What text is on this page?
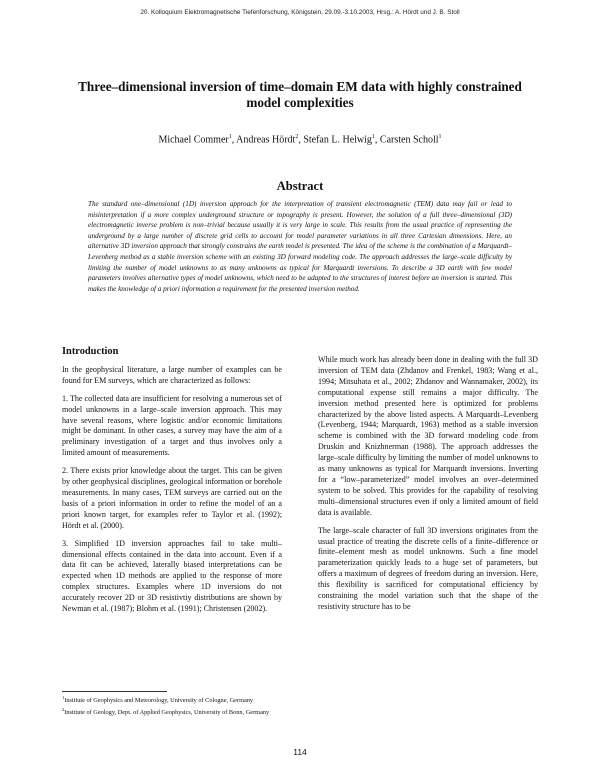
20. Kolloquium Elektromagnetische Tiefenforschung, Königstein, 29.09.-3.10.2003, Hrsg.: A. Hördt und J. B. Stoll
Three–dimensional inversion of time–domain EM data with highly constrained model complexities
Michael Commer$^1$, Andreas Hördt$^2$, Stefan L. Helwig$^1$, Carsten Scholl$^1$
Abstract

The standard one–dimensional (1D) inversion approach for the interpretation of transient electromagnetic (TEM) data may fail or lead to misinterpretation if a more complex underground structure or topography is present. However, the solution of a full three–dimensional (3D) electromagnetic inverse problem is non–trivial because usually it is very large in scale. This results from the usual practice of representing the underground by a large number of discrete grid cells to account for model parameter variations in all three Cartesian dimensions. Here, an alternative 3D inversion approach that strongly constrains the earth model is presented. The idea of the scheme is the combination of a Marquardt–Levenberg method as a stable inversion scheme with an existing 3D forward modeling code. The approach addresses the large–scale difficulty by limiting the number of model unknowns to as many unknowns as typical for Marquardt inversions. To describe a 3D earth with few model parameters involves alternative types of model unknowns, which need to be adapted to the structures of interest before an inversion is started. This makes the knowledge of a priori information a requirement for the presented inversion method.

Introduction

In the geophysical literature, a large number of examples can be found for EM surveys, which are characterized as follows:

1. The collected data are insufficient for resolving a numerous set of model unknowns in a large–scale inversion approach. This may have several reasons, where logistic and/or economic limitations might be dominant. In other cases, a survey may have the aim of a preliminary investigation of a target and thus involves only a limited amount of measurements.

2. There exists prior knowledge about the target. This can be given by other geophysical disciplines, geological information or borehole measurements. In many cases, TEM surveys are carried out on the basis of a priori information in order to refine the model of an a priori known target, for examples refer to Taylor et al. (1992); Hördt et al. (2000).

3. Simplified 1D inversion approaches fail to take multi–dimensional effects contained in the data into account. Even if a data fit can be achieved, laterally biased interpretations can be expected when 1D methods are applied to the response of more complex structures. Examples where 1D inversions do not accurately recover 2D or 3D resistivtiy distributions are shown by Newman et al. (1987); Blohm et al. (1991); Christensen (2002).

While much work has already been done in dealing with the full 3D inversion of TEM data (Zhdanov and Frenkel, 1983; Wang et al., 1994; Mitsuhata et al., 2002; Zhdanov and Wannamaker, 2002), its computational expense still remains a major difficulty. The inversion method presented here is optimized for problems characterized by the above listed aspects. A Marquardt–Levenberg (Levenberg, 1944; Marquardt, 1963) method as a stable inversion scheme is combined with the 3D forward modeling code from Druskin and Knizhnerman (1988). The approach addresses the large–scale difficulty by limiting the number of model unknowns to as many unknowns as typical for Marquardt inversions. Inverting for a “low–parameterized” model involves an over–determined system to be solved. This provides for the capability of resolving multi–dimensional structures even if only a limited amount of field data is available.

The large–scale character of full 3D inversions originates from the usual practice of treating the discrete cells of a finite–difference or finite–element mesh as model unknowns. Such a fine model parameterization quickly leads to a huge set of parameters, but offers a maximum of degrees of freedom during an inversion. Here, this flexibility is sacrificed for computational efficiency by constraining the model variation such that the shape of the resistivity structure has to be

$^1$Institute of Geophysics and Meteorology, University of Cologne, Germany
$^2$Institute of Geology, Dept. of Applied Geophysics, University of Bonn, Germany
114
